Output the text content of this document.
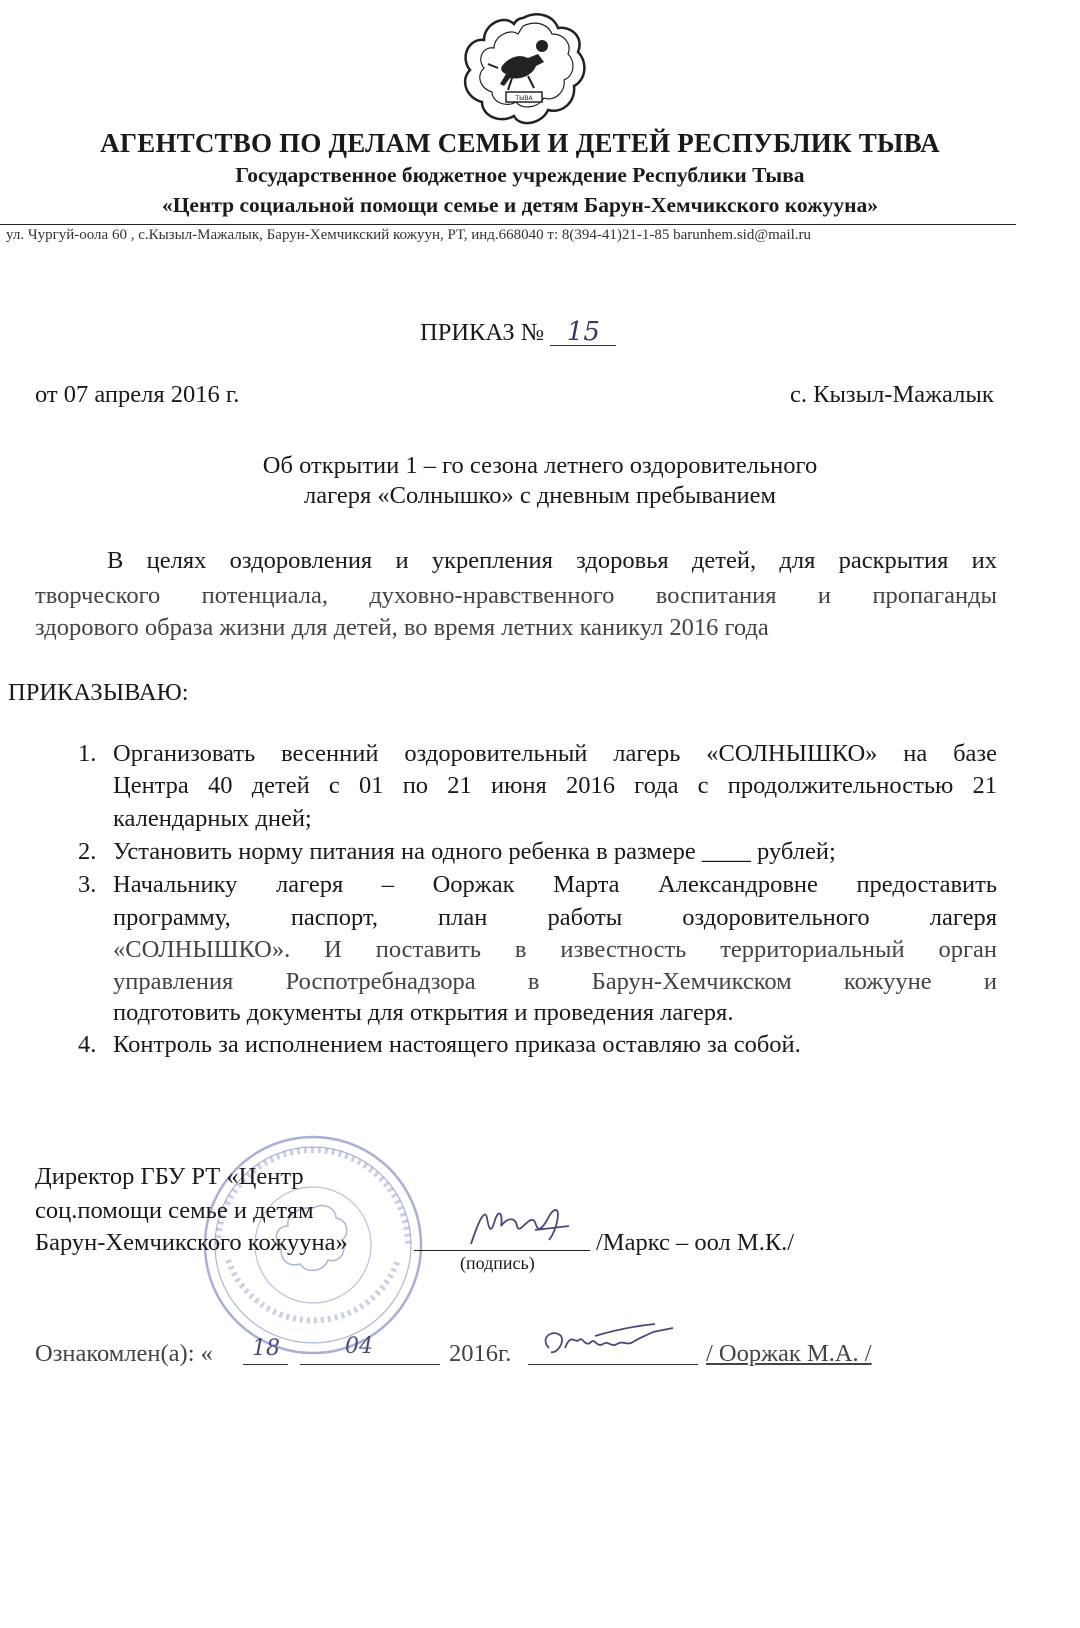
ТЫВА
АГЕНТСТВО ПО ДЕЛАМ СЕМЬИ И ДЕТЕЙ РЕСПУБЛИК ТЫВА
Государственное бюджетное учреждение Республики Тыва
«Центр социальной помощи семье и детям Барун-Хемчикского кожууна»
ул. Чургуй-оола 60 , с.Кызыл-Мажалык, Барун-Хемчикский кожуун, РТ, инд.668040 т: 8(394-41)21-1-85 barunhem.sid@mail.ru
ПРИКАЗ № 15
от 07 апреля 2016 г.	с. Кызыл-Мажалык
Об открытии 1 – го сезона летнего оздоровительного
лагеря «Солнышко» с дневным пребыванием
В целях оздоровления и укрепления здоровья детей, для раскрытия их
творческого потенциала, духовно-нравственного воспитания и пропаганды
здорового образа жизни для детей, во время летних каникул 2016 года
ПРИКАЗЫВАЮ:
1. Организовать весенний оздоровительный лагерь «СОЛНЫШКО» на базе
Центра 40 детей с 01 по 21 июня 2016 года с продолжительностью 21
календарных дней;
2. Установить норму питания на одного ребенка в размере ____ рублей;
3. Начальнику лагеря – Ооржак Марта Александровне предоставить
программу, паспорт, план работы оздоровительного лагеря
«СОЛНЫШКО». И поставить в известность территориальный орган
управления Роспотребнадзора в Барун-Хемчикском кожууне и
подготовить документы для открытия и проведения лагеря.
4. Контроль за исполнением настоящего приказа оставляю за собой.
Директор ГБУ РТ «Центр
соц.помощи семье и детям
Барун-Хемчикского кожууна»
(подпись)
/Маркс – оол М.К./
Ознакомлен(а): « 18	04	2016г.	/ Ооржак М.А. /
